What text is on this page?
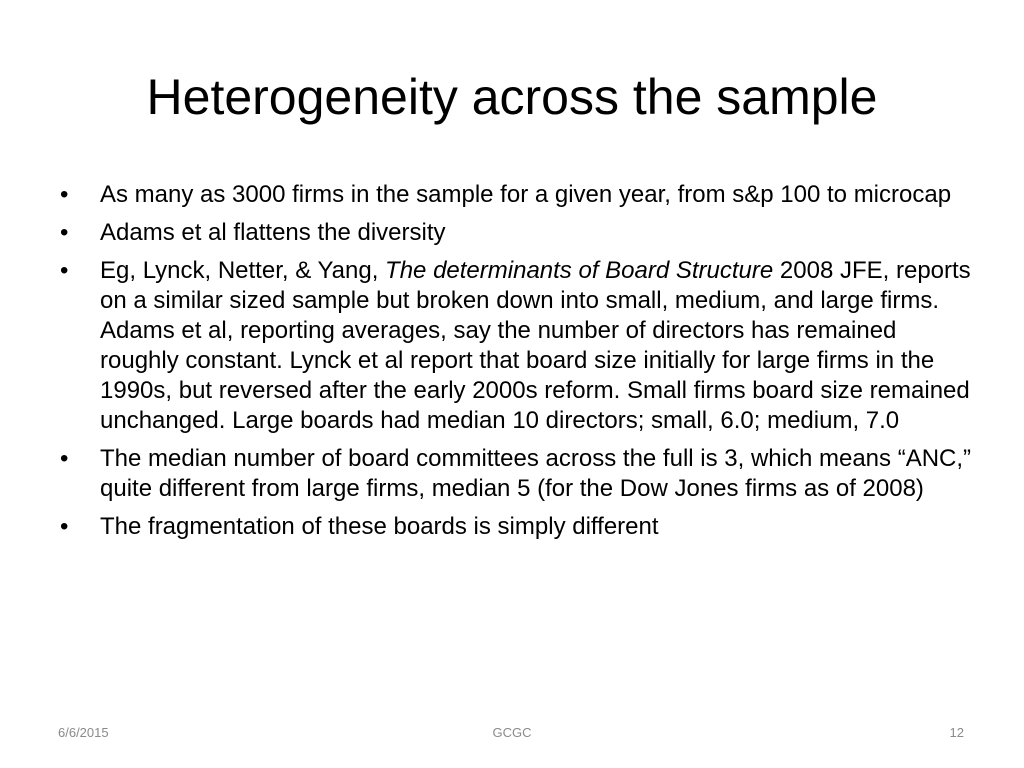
Heterogeneity across the sample
• As many as 3000 firms in the sample for a given year, from s&p 100 to microcap
• Adams et al flattens the diversity
• Eg, Lynck, Netter, & Yang, The determinants of Board Structure 2008 JFE, reports on a similar sized sample but broken down into small, medium, and large firms. Adams et al, reporting averages, say the number of directors has remained roughly constant. Lynck et al report that board size initially for large firms in the 1990s, but reversed after the early 2000s reform. Small firms board size remained unchanged. Large boards had median 10 directors; small, 6.0; medium, 7.0
• The median number of board committees across the full is 3, which means “ANC,” quite different from large firms, median 5 (for the Dow Jones firms as of 2008)
• The fragmentation of these boards is simply different
6/6/2015	GCGC	12
